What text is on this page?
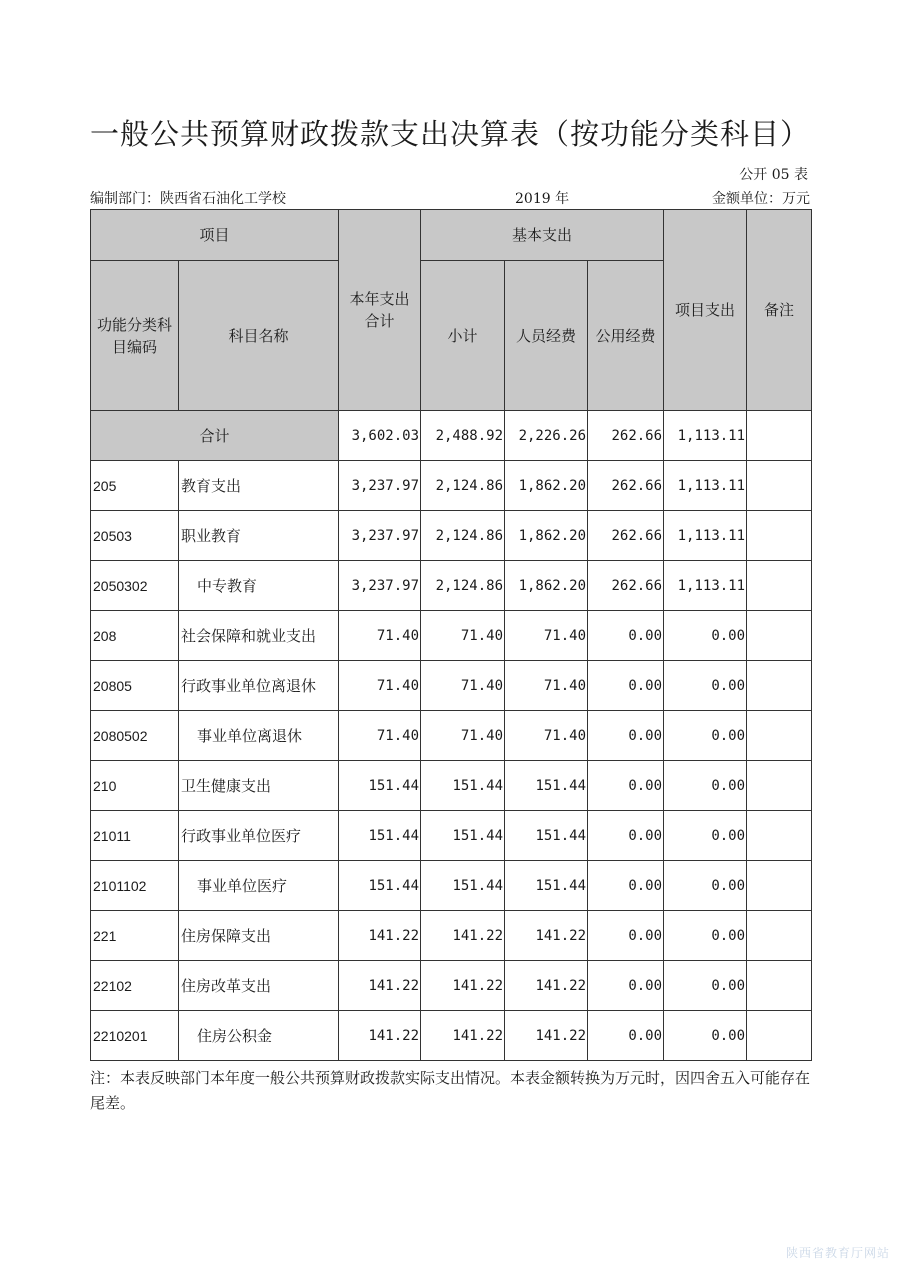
一般公共预算财政拨款支出决算表（按功能分类科目）
公开 05 表
编制部门：陕西省石油化工学校	2019 年	金额单位：万元
项目		本年支出合计	基本支出			项目支出	备注

功能分类科目编码	科目名称		小计	人员经费	公用经费		
合计		3,602.03	2,488.92	2,226.26	262.66	1,113.11	
205	教育支出	3,237.97	2,124.86	1,862.20	262.66	1,113.11	
20503	职业教育	3,237.97	2,124.86	1,862.20	262.66	1,113.11	
2050302	中专教育	3,237.97	2,124.86	1,862.20	262.66	1,113.11	
208	社会保障和就业支出	71.40	71.40	71.40	0.00	0.00	
20805	行政事业单位离退休	71.40	71.40	71.40	0.00	0.00	
2080502	事业单位离退休	71.40	71.40	71.40	0.00	0.00	
210	卫生健康支出	151.44	151.44	151.44	0.00	0.00	
21011	行政事业单位医疗	151.44	151.44	151.44	0.00	0.00	
2101102	事业单位医疗	151.44	151.44	151.44	0.00	0.00	
221	住房保障支出	141.22	141.22	141.22	0.00	0.00	
22102	住房改革支出	141.22	141.22	141.22	0.00	0.00	
2210201	住房公积金	141.22	141.22	141.22	0.00	0.00	
注：本表反映部门本年度一般公共预算财政拨款实际支出情况。本表金额转换为万元时，因四舍五入可能存在尾差。
陕西省教育厅网站
